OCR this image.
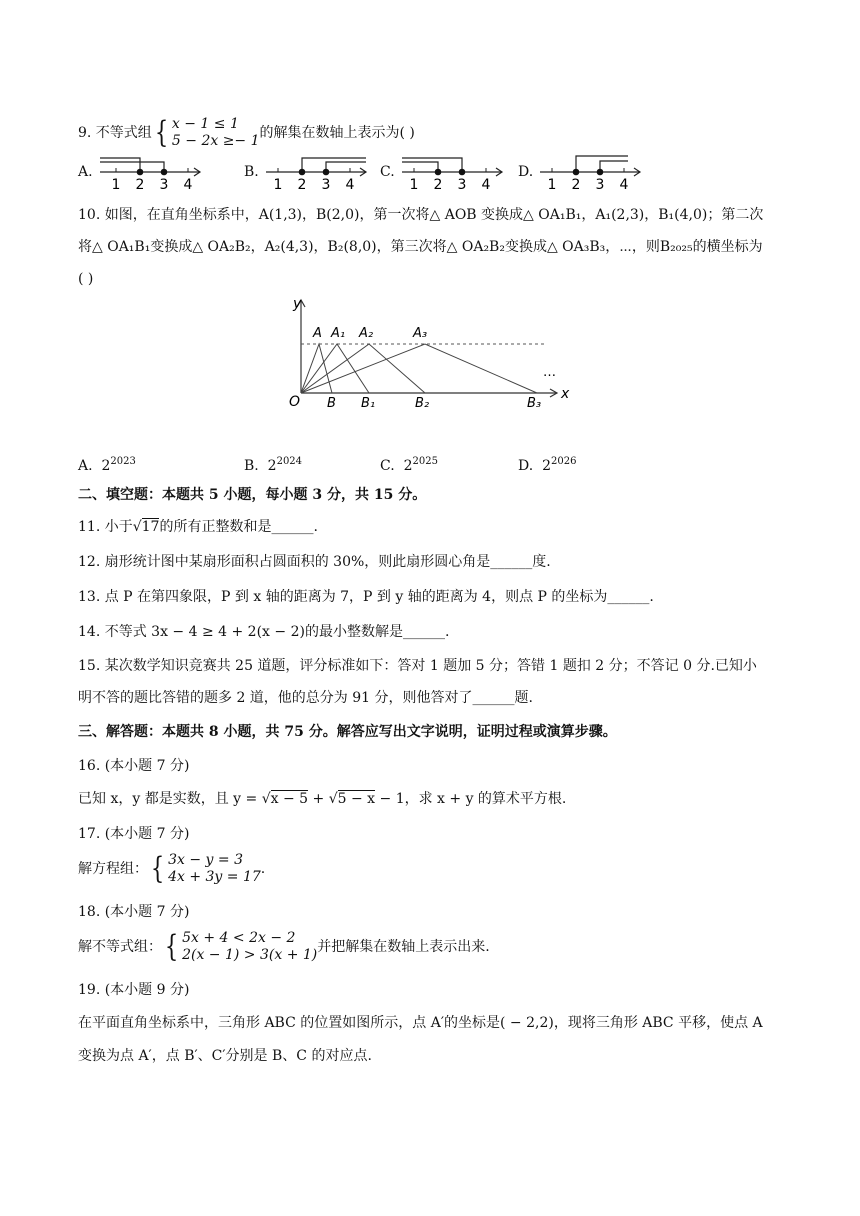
9. 不等式组 { x − 1 ≤ 1
5 − 2x ≥− 1 的解集在数轴上表示为( )
A.
1 2 3 4
B.
1 2 3 4
C.
1 2 3 4
D.
1 2 3 4
10. 如图，在直角坐标系中，A(1,3)，B(2,0)，第一次将△ AOB 变换成△ OA₁B₁，A₁(2,3)，B₁(4,0)；第二次
将△ OA₁B₁变换成△ OA₂B₂，A₂(4,3)，B₂(8,0)，第三次将△ OA₂B₂变换成△ OA₃B₃，⋯，则B₂₀₂₅的横坐标为
( )
y
x
O
A A₁ A₂	A₃
B B₁	B₂	B₃
…
A. $2^{2023}$	B. $2^{2024}$	C. $2^{2025}$	D. $2^{2026}$
二、填空题：本题共 5 小题，每小题 3 分，共 15 分。
11. 小于√17的所有正整数和是______.
12. 扇形统计图中某扇形面积占圆面积的 30%，则此扇形圆心角是______度.
13. 点 P 在第四象限，P 到 x 轴的距离为 7，P 到 y 轴的距离为 4，则点 P 的坐标为______.
14. 不等式 3x − 4 ≥ 4 + 2(x − 2)的最小整数解是______.
15. 某次数学知识竞赛共 25 道题，评分标准如下：答对 1 题加 5 分；答错 1 题扣 2 分；不答记 0 分.已知小
明不答的题比答错的题多 2 道，他的总分为 91 分，则他答对了______题.
三、解答题：本题共 8 小题，共 75 分。解答应写出文字说明，证明过程或演算步骤。
16. (本小题 7 分)
已知 x，y 都是实数，且 y = √x − 5 + √5 − x − 1，求 x + y 的算术平方根.
17. (本小题 7 分)
解方程组： { 3x − y = 3
4x + 3y = 17 .
18. (本小题 7 分)
解不等式组： { 5x + 4 < 2x − 2
2(x − 1) > 3(x + 1) 并把解集在数轴上表示出来.
19. (本小题 9 分)
在平面直角坐标系中，三角形 ABC 的位置如图所示，点 A′的坐标是( − 2,2)，现将三角形 ABC 平移，使点 A
变换为点 A′，点 B′、C′分别是 B、C 的对应点.
